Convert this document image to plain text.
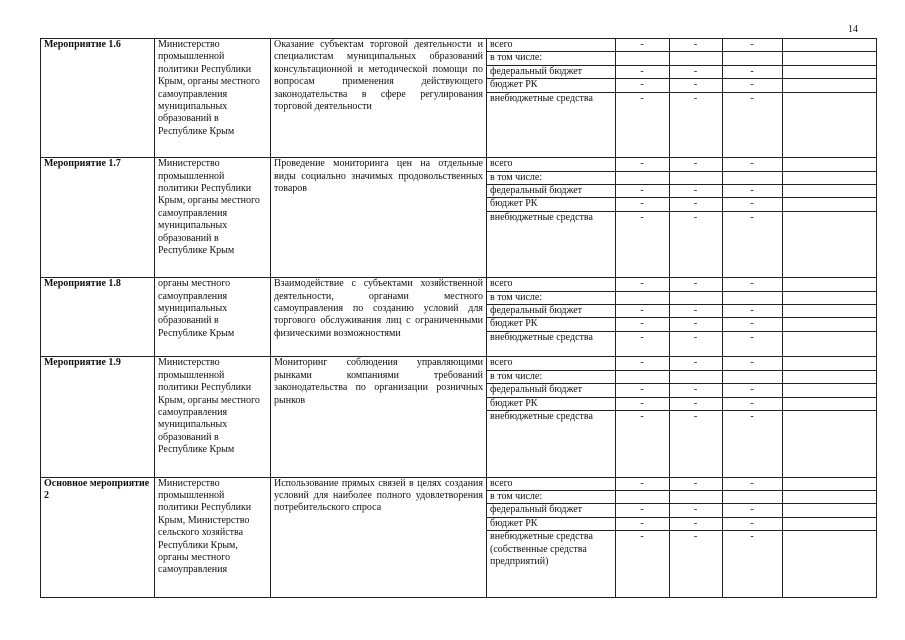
14
Мероприятие 1.6	Министерство промышленной политики Республики Крым, органы местного самоуправления муниципальных образований в Республике Крым	Оказание субъектам торговой деятельности и специалистам муниципальных образований консультационной и методической помощи по вопросам применения действующего законодательства в сфере регулирования торговой деятельности	
всего	-	-	-	
в том числе:				
федеральный бюджет	-	-	-	
бюджет РК	-	-	-	
внебюджетные средства	-	-	-	

Мероприятие 1.7	Министерство промышленной политики Республики Крым, органы местного самоуправления муниципальных образований в Республике Крым	Проведение мониторинга цен на отдельные виды социально значимых продовольственных товаров	
всего	-	-	-	
в том числе:				
федеральный бюджет	-	-	-	
бюджет РК	-	-	-	
внебюджетные средства	-	-	-	

Мероприятие 1.8	органы местного самоуправления муниципальных образований в Республике Крым	Взаимодействие с субъектами хозяйственной деятельности, органами местного самоуправления по созданию условий для торгового обслуживания лиц с ограниченными физическими возможностями	
всего	-	-	-	
в том числе:				
федеральный бюджет	-	-	-	
бюджет РК	-	-	-	
внебюджетные средства	-	-	-	

Мероприятие 1.9	Министерство промышленной политики Республики Крым, органы местного самоуправления муниципальных образований в Республике Крым	Мониторинг соблюдения управляющими рынками компаниями требований законодательства по организации розничных рынков	
всего	-	-	-	
в том числе:				
федеральный бюджет	-	-	-	
бюджет РК	-	-	-	
внебюджетные средства	-	-	-	

Основное мероприятие 2	Министерство промышленной политики Республики Крым, Министерство сельского хозяйства Республики Крым, органы местного самоуправления	Использование прямых связей в целях создания условий для наиболее полного удовлетворения потребительского спроса	
всего	-	-	-	
в том числе:				
федеральный бюджет	-	-	-	
бюджет РК	-	-	-	
внебюджетные средства (собственные средства предприятий)	-	-	-	
